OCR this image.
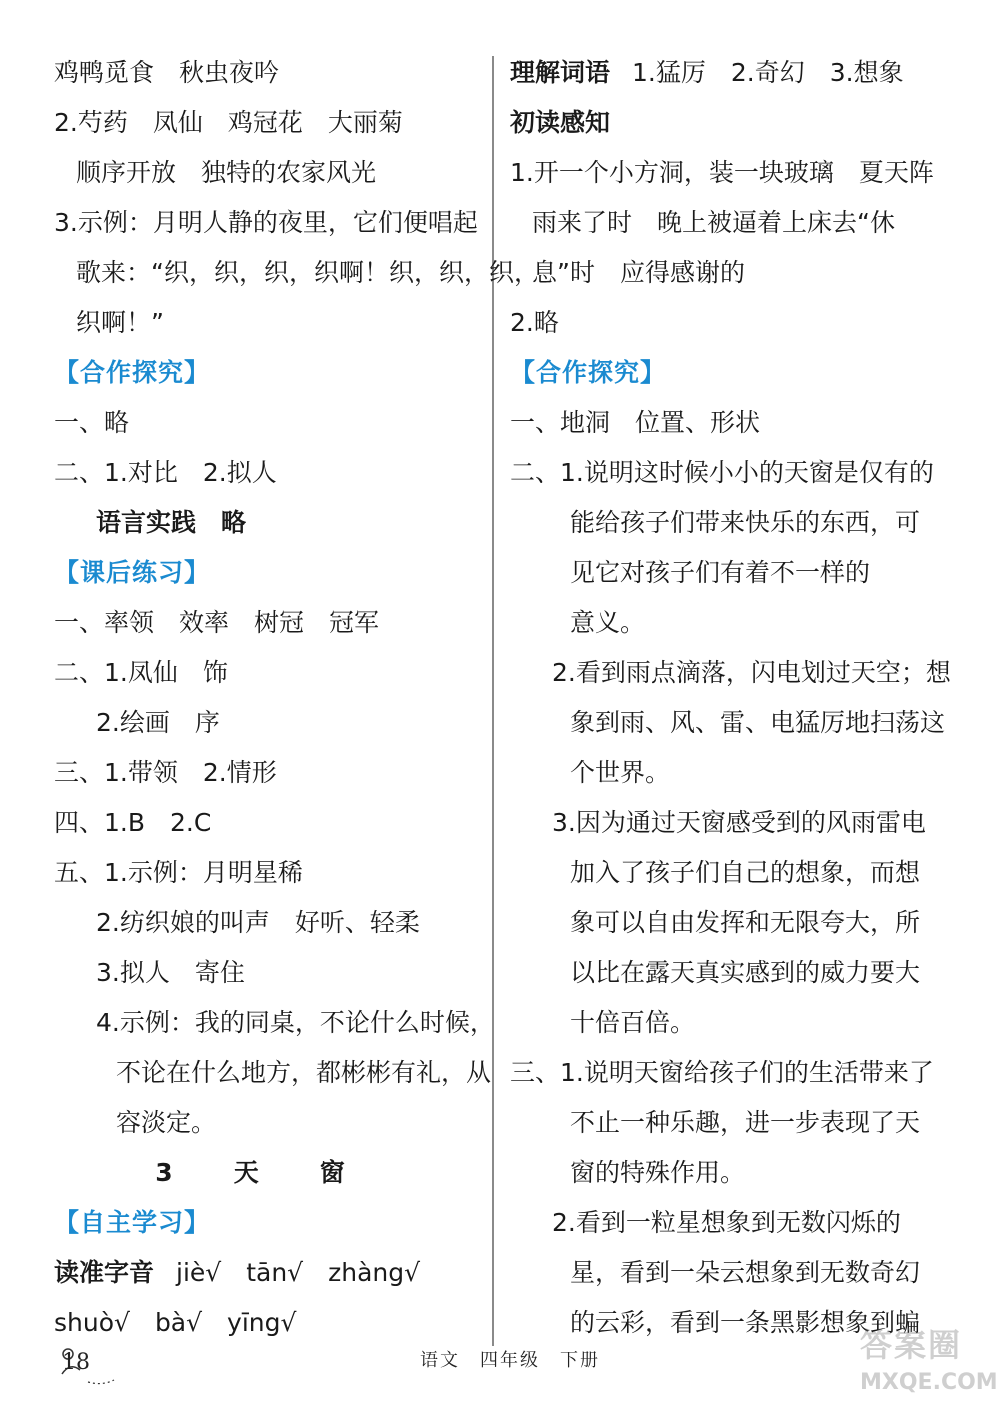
鸡鸭觅食　秋虫夜吟
2.芍药　凤仙　鸡冠花　大丽菊
顺序开放　独特的农家风光
3.示例：月明人静的夜里，它们便唱起
歌来：“织，织，织，织啊！织，织，织，
织啊！”
【合作探究】
一、略
二、1.对比　2.拟人
语言实践　略
【课后练习】
一、率领　效率　树冠　冠军
二、1.凤仙　饰
2.绘画　序
三、1.带领　2.情形
四、1.B　2.C
五、1.示例：月明星稀
2.纺织娘的叫声　好听、轻柔
3.拟人　寄住
4.示例：我的同桌，不论什么时候，
不论在什么地方，都彬彬有礼，从
容淡定。
3　天　窗
【自主学习】
读准字音 jiè√　tān√　zhàng√
shuò√　bà√　yīng√
理解词语 1.猛厉　2.奇幻　3.想象
初读感知
1.开一个小方洞，装一块玻璃　夏天阵
雨来了时　晚上被逼着上床去“休
息”时　应得感谢的
2.略
【合作探究】
一、地洞　位置、形状
二、1.说明这时候小小的天窗是仅有的
能给孩子们带来快乐的东西，可
见它对孩子们有着不一样的
意义。
2.看到雨点滴落，闪电划过天空；想
象到雨、风、雷、电猛厉地扫荡这
个世界。
3.因为通过天窗感受到的风雨雷电
加入了孩子们自己的想象，而想
象可以自由发挥和无限夸大，所
以比在露天真实感到的威力要大
十倍百倍。
三、1.说明天窗给孩子们的生活带来了
不止一种乐趣，进一步表现了天
窗的特殊作用。
2.看到一粒星想象到无数闪烁的
星，看到一朵云想象到无数奇幻
的云彩，看到一条黑影想象到蝙
18	语文　四年级　下册	答案圈
MXQE.COM
